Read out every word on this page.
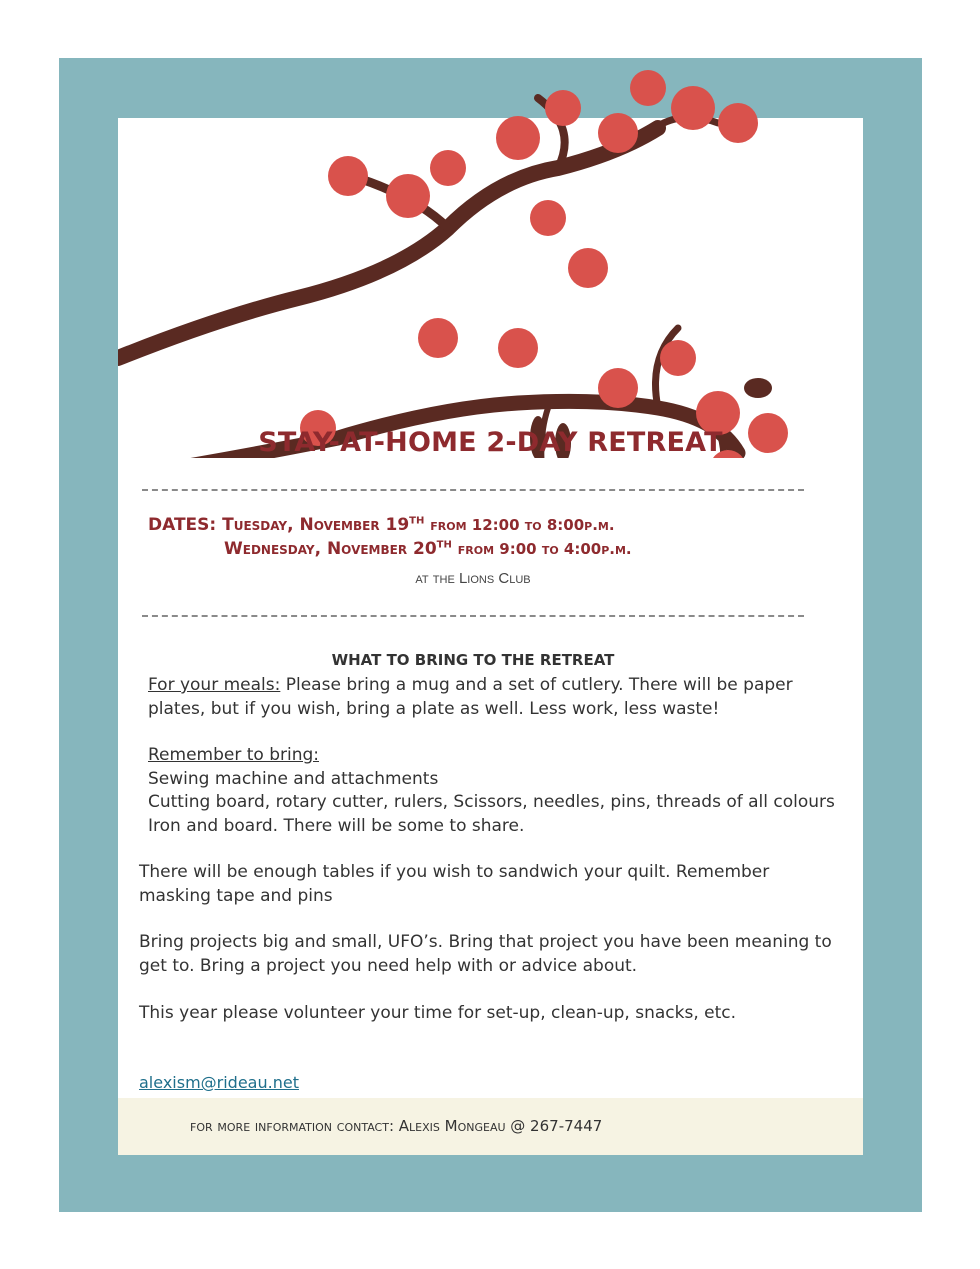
STAY-AT-HOME 2-DAY RETREAT
DATES: Tuesday, November 19TH from 12:00 to 8:00p.m.
Wednesday, November 20TH from 9:00 to 4:00p.m.
at the Lions Club
WHAT TO BRING TO THE RETREAT
For your meals: Please bring a mug and a set of cutlery. There will be paper
plates, but if you wish, bring a plate as well. Less work, less waste!
Remember to bring:
Sewing machine and attachments
Cutting board, rotary cutter, rulers, Scissors, needles, pins, threads of all colours
Iron and board. There will be some to share.
There will be enough tables if you wish to sandwich your quilt. Remember
masking tape and pins
Bring projects big and small, UFO’s. Bring that project you have been meaning to
get to. Bring a project you need help with or advice about.
This year please volunteer your time for set-up, clean-up, snacks, etc.
alexism@rideau.net
for more information contact: Alexis Mongeau @ 267-7447
